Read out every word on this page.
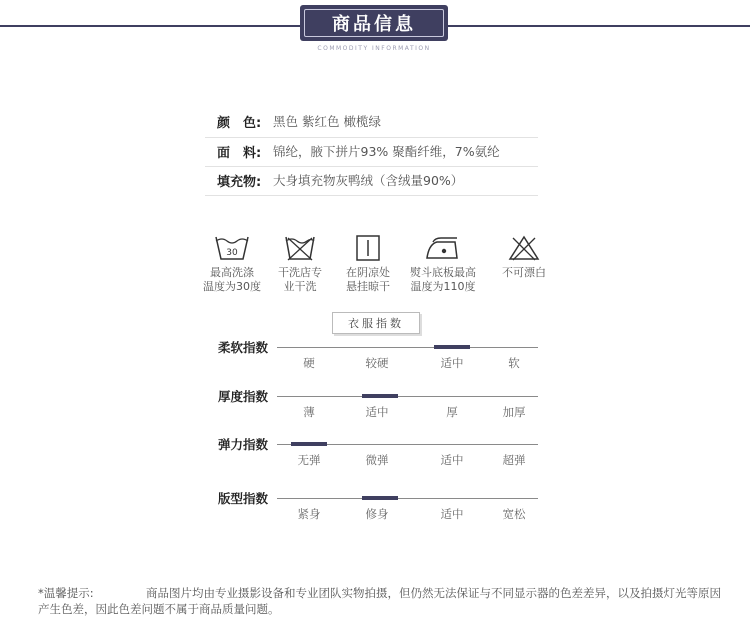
商品信息
COMMODITY INFORMATION
颜　色: 黑色 紫红色 橄榄绿
面　料: 锦纶，腋下拼片93% 聚酯纤维，7%氨纶
填充物: 大身填充物灰鸭绒（含绒量90%）
30
最高洗涤
温度为30度
干洗店专
业干洗
在阴凉处
悬挂晾干
熨斗底板最高
温度为110度
不可漂白
衣服指数
柔软指数
硬	较硬	适中	软
厚度指数
薄	适中	厚	加厚
弹力指数
无弹	微弹	适中	超弹
版型指数
紧身	修身	适中	宽松
*温馨提示:	商品图片均由专业摄影设备和专业团队实物拍摄，但仍然无法保证与不同显示器的色差差异，以及拍摄灯光等原因
产生色差，因此色差问题不属于商品质量问题。
